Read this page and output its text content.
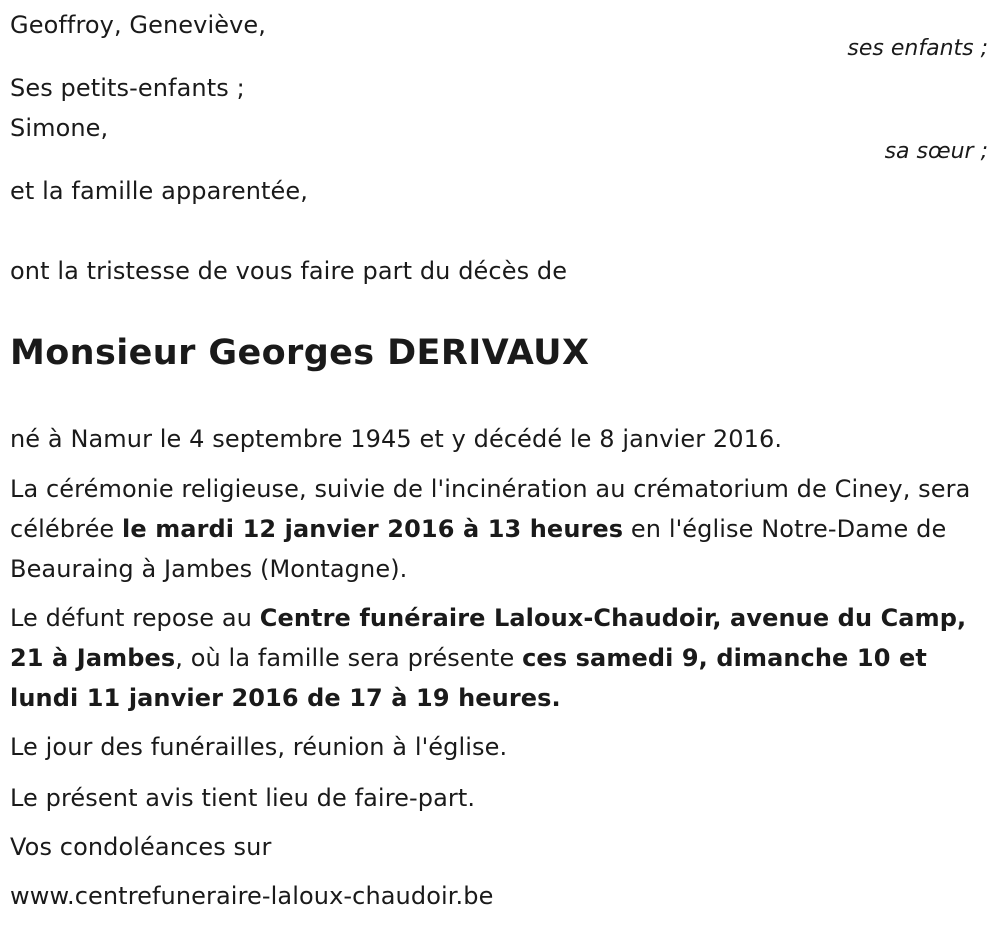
Geoffroy, Geneviève,
ses enfants ;
Ses petits-enfants ;
Simone,
sa sœur ;
et la famille apparentée,
ont la tristesse de vous faire part du décès de
Monsieur Georges DERIVAUX
né à Namur le 4 septembre 1945 et y décédé le 8 janvier 2016.
La cérémonie religieuse, suivie de l'incinération au crématorium de Ciney, sera célébrée le mardi 12 janvier 2016 à 13 heures en l'église Notre-Dame de Beauraing à Jambes (Montagne).
Le défunt repose au Centre funéraire Laloux-Chaudoir, avenue du Camp, 21 à Jambes, où la famille sera présente ces samedi 9, dimanche 10 et lundi 11 janvier 2016 de 17 à 19 heures.
Le jour des funérailles, réunion à l'église.
Le présent avis tient lieu de faire-part.
Vos condoléances sur
www.centrefuneraire-laloux-chaudoir.be
